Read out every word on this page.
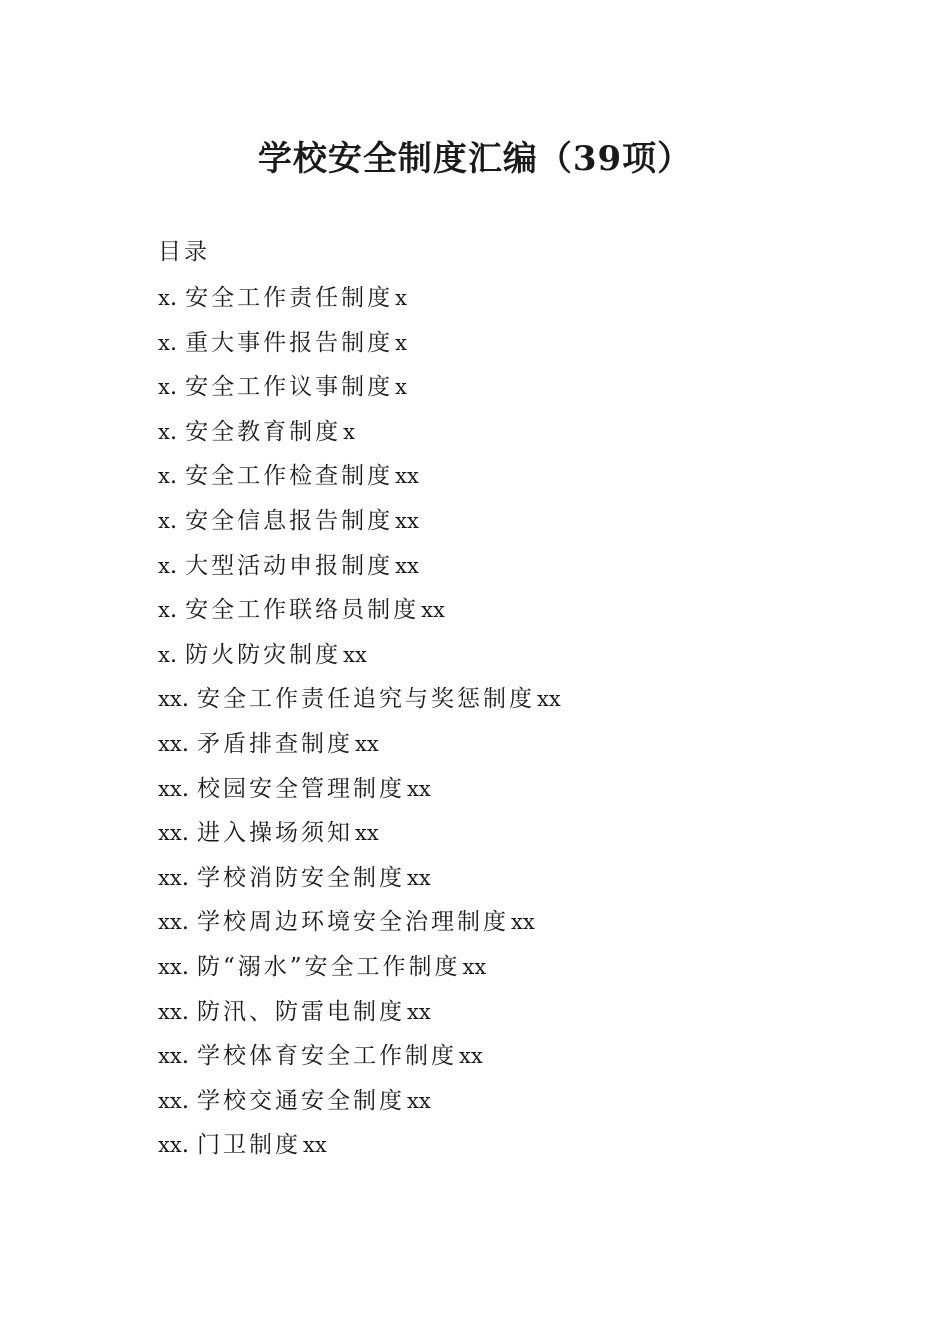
学校安全制度汇编（39项）
目录
x. 安全工作责任制度x
x. 重大事件报告制度x
x. 安全工作议事制度x
x. 安全教育制度x
x. 安全工作检查制度xx
x. 安全信息报告制度xx
x. 大型活动申报制度xx
x. 安全工作联络员制度xx
x. 防火防灾制度xx
xx. 安全工作责任追究与奖惩制度xx
xx. 矛盾排查制度xx
xx. 校园安全管理制度xx
xx. 进入操场须知xx
xx. 学校消防安全制度xx
xx. 学校周边环境安全治理制度xx
xx. 防“溺水”安全工作制度xx
xx. 防汛、防雷电制度xx
xx. 学校体育安全工作制度xx
xx. 学校交通安全制度xx
xx. 门卫制度xx
